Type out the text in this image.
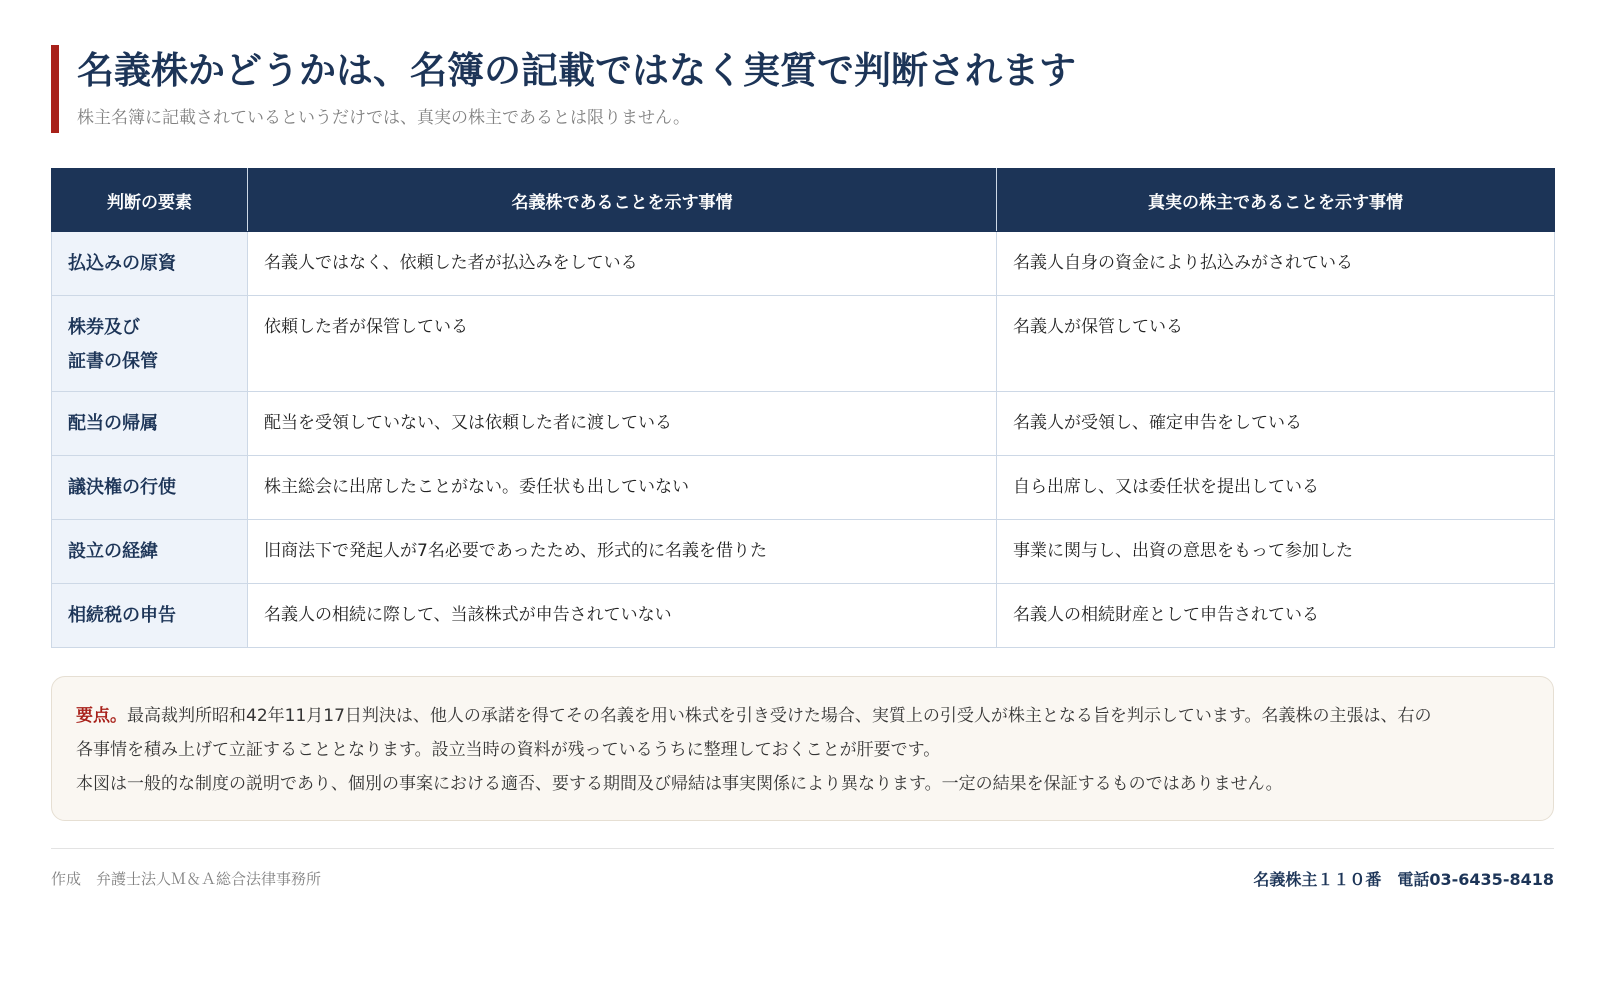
名義株かどうかは、名簿の記載ではなく実質で判断されます
株主名簿に記載されているというだけでは、真実の株主であるとは限りません。
判断の要素	名義株であることを示す事情	真実の株主であることを示す事情
払込みの原資	名義人ではなく、依頼した者が払込みをしている	名義人自身の資金により払込みがされている

株券及び
証書の保管	依頼した者が保管している	名義人が保管している
配当の帰属	配当を受領していない、又は依頼した者に渡している	名義人が受領し、確定申告をしている
議決権の行使	株主総会に出席したことがない。委任状も出していない	自ら出席し、又は委任状を提出している
設立の経緯	旧商法下で発起人が7名必要であったため、形式的に名義を借りた	事業に関与し、出資の意思をもって参加した
相続税の申告	名義人の相続に際して、当該株式が申告されていない	名義人の相続財産として申告されている

要点。最高裁判所昭和42年11月17日判決は、他人の承諾を得てその名義を用い株式を引き受けた場合、実質上の引受人が株主となる旨を判示しています。名義株の主張は、右の

各事情を積み上げて立証することとなります。設立当時の資料が残っているうちに整理しておくことが肝要です。

本図は一般的な制度の説明であり、個別の事案における適否、要する期間及び帰結は事実関係により異なります。一定の結果を保証するものではありません。

作成　弁護士法人Ｍ＆Ａ総合法律事務所	名義株主１１０番　電話03-6435-8418
